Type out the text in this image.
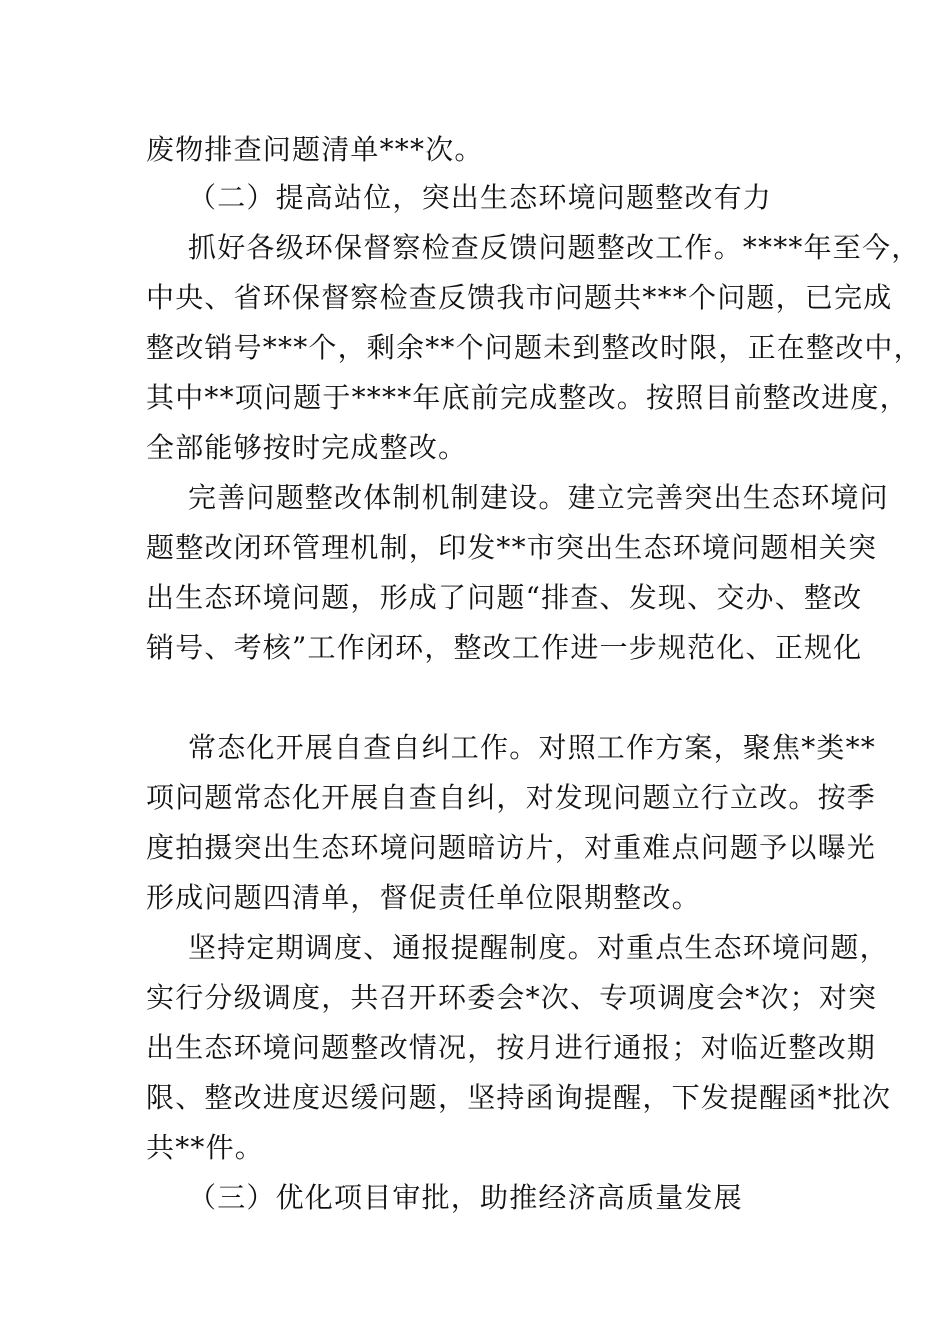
废物排查问题清单***次。

（二）提高站位，突出生态环境问题整改有力

抓好各级环保督察检查反馈问题整改工作。****年至今，

中央、省环保督察检查反馈我市问题共***个问题，已完成

整改销号***个，剩余**个问题未到整改时限，正在整改中，

其中**项问题于****年底前完成整改。按照目前整改进度，

全部能够按时完成整改。

完善问题整改体制机制建设。建立完善突出生态环境问

题整改闭环管理机制，印发**市突出生态环境问题相关突

出生态环境问题，形成了问题“排查、发现、交办、整改

销号、考核”工作闭环，整改工作进一步规范化、正规化

常态化开展自查自纠工作。对照工作方案，聚焦*类**

项问题常态化开展自查自纠，对发现问题立行立改。按季

度拍摄突出生态环境问题暗访片，对重难点问题予以曝光

形成问题四清单，督促责任单位限期整改。

坚持定期调度、通报提醒制度。对重点生态环境问题，

实行分级调度，共召开环委会*次、专项调度会*次；对突

出生态环境问题整改情况，按月进行通报；对临近整改期

限、整改进度迟缓问题，坚持函询提醒，下发提醒函*批次

共**件。

（三）优化项目审批，助推经济高质量发展
